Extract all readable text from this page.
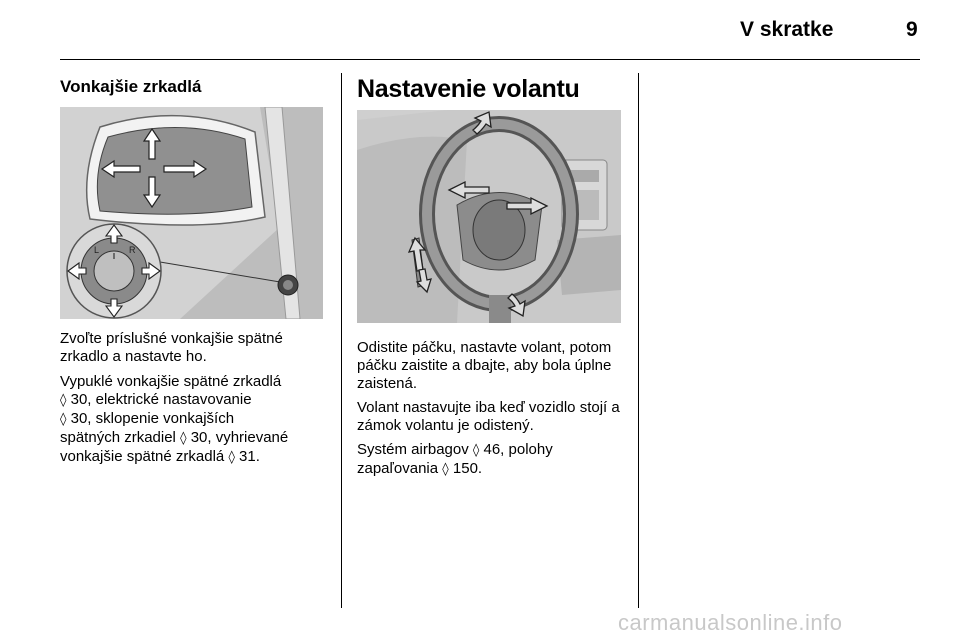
V skratke	9
Vonkajšie zrkadlá
L	R

Zvoľte príslušné vonkajšie spätné zrkadlo a nastavte ho.

Vypuklé vonkajšie spätné zrkadlá
◊ 30, elektrické nastavovanie
◊ 30, sklopenie vonkajších
spätných zrkadiel ◊ 30, vyhrievané
vonkajšie spätné zrkadlá ◊ 31.

Nastavenie volantu

Odistite páčku, nastavte volant, potom páčku zaistite a dbajte, aby bola úplne zaistená.

Volant nastavujte iba keď vozidlo stojí a zámok volantu je odistený.

Systém airbagov ◊ 46, polohy
zapaľovania ◊ 150.

carmanualsonline.info
